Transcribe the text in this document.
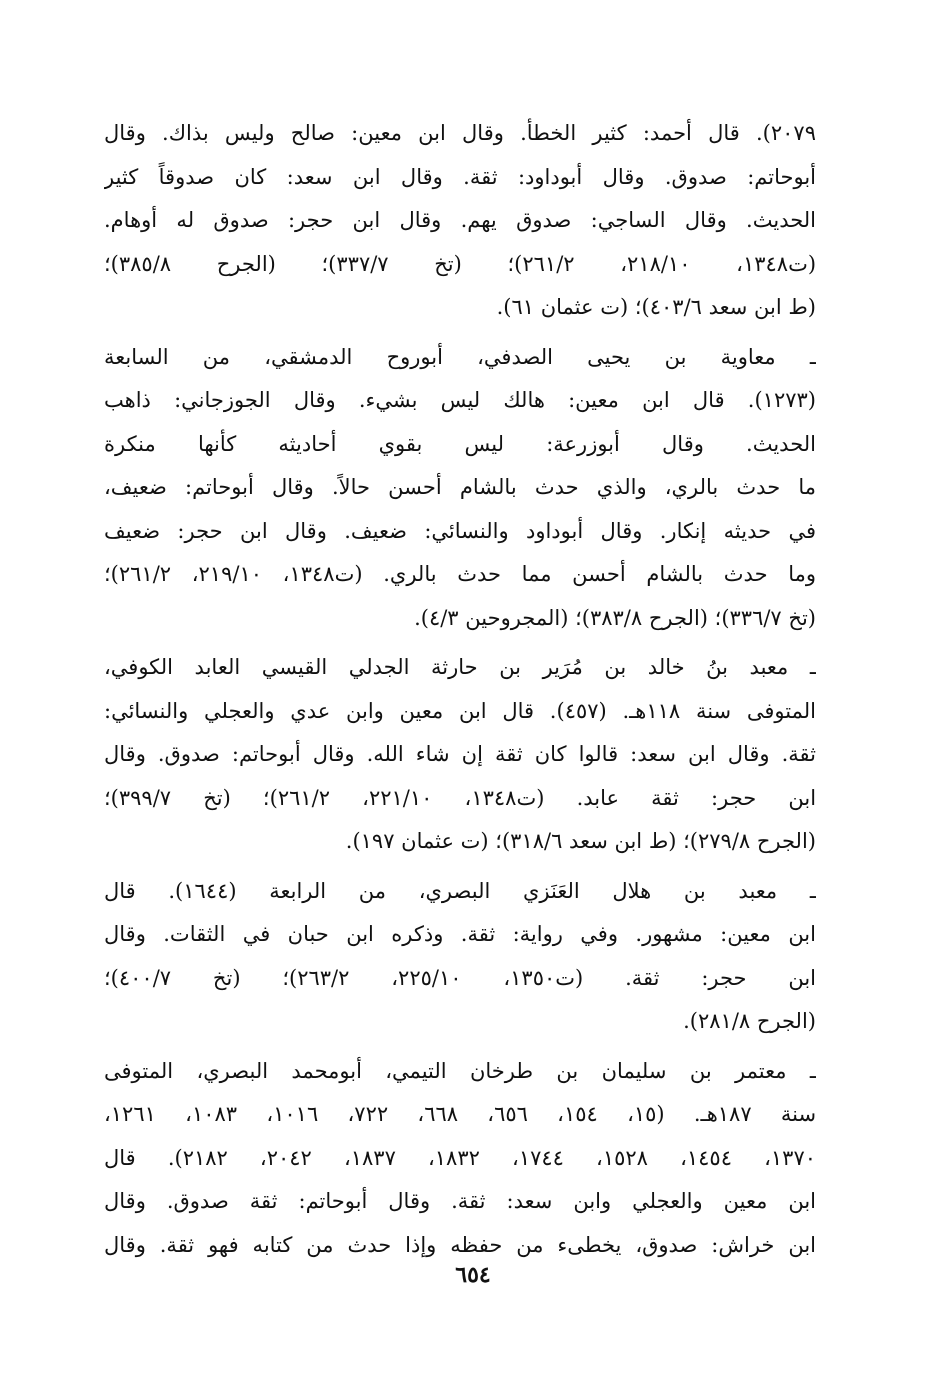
٢٠٧٩). قال أحمد: كثير الخطأ. وقال ابن معين: صالح وليس بذاك. وقال
أبوحاتم: صدوق. وقال أبوداود: ثقة. وقال ابن سعد: كان صدوقاً كثير
الحديث. وقال الساجي: صدوق يهم. وقال ابن حجر: صدوق له أوهام.
(ت١٣٤٨، ٢١٨/١٠، ٢٦١/٢)؛ (تخ ٣٣٧/٧)؛ (الجرح ٣٨٥/٨)؛
(ط ابن سعد ٤٠٣/٦)؛ (ت عثمان ٦١).
ـ معاوية بن يحيى الصدفي، أبوروح الدمشقي، من السابعة
(١٢٧٣). قال ابن معين: هالك ليس بشيء. وقال الجوزجاني: ذاهب
الحديث. وقال أبوزرعة: ليس بقوي أحاديثه كأنها منكرة
ما حدث بالري، والذي حدث بالشام أحسن حالاً. وقال أبوحاتم: ضعيف،
في حديثه إنكار. وقال أبوداود والنسائي: ضعيف. وقال ابن حجر: ضعيف
وما حدث بالشام أحسن مما حدث بالري. (ت١٣٤٨، ٢١٩/١٠، ٢٦١/٢)؛
(تخ ٣٣٦/٧)؛ (الجرح ٣٨٣/٨)؛ (المجروحين ٤/٣).
ـ معبد بنُ خالد بن مُرَير بن حارثة الجدلي القيسي العابد الكوفي،
المتوفى سنة ١١٨هـ. (٤٥٧). قال ابن معين وابن عدي والعجلي والنسائي:
ثقة. وقال ابن سعد: قالوا كان ثقة إن شاء الله. وقال أبوحاتم: صدوق. وقال
ابن حجر: ثقة عابد. (ت١٣٤٨، ٢٢١/١٠، ٢٦١/٢)؛ (تخ ٣٩٩/٧)؛
(الجرح ٢٧٩/٨)؛ (ط ابن سعد ٣١٨/٦)؛ (ت عثمان ١٩٧).
ـ معبد بن هلال العَنَزي البصري، من الرابعة (١٦٤٤). قال
ابن معين: مشهور. وفي رواية: ثقة. وذكره ابن حبان في الثقات. وقال
ابن حجر: ثقة. (ت١٣٥٠، ٢٢٥/١٠، ٢٦٣/٢)؛ (تخ ٤٠٠/٧)؛
(الجرح ٢٨١/٨).
ـ معتمر بن سليمان بن طرخان التيمي، أبومحمد البصري، المتوفى
سنة ١٨٧هـ. (١٥، ١٥٤، ٦٥٦، ٦٦٨، ٧٢٢، ١٠١٦، ١٠٨٣، ١٢٦١،
١٣٧٠، ١٤٥٤، ١٥٢٨، ١٧٤٤، ١٨٣٢، ١٨٣٧، ٢٠٤٢، ٢١٨٢). قال
ابن معين والعجلي وابن سعد: ثقة. وقال أبوحاتم: ثقة صدوق. وقال
ابن خراش: صدوق، يخطىء من حفظه وإذا حدث من كتابه فهو ثقة. وقال
٦٥٤
